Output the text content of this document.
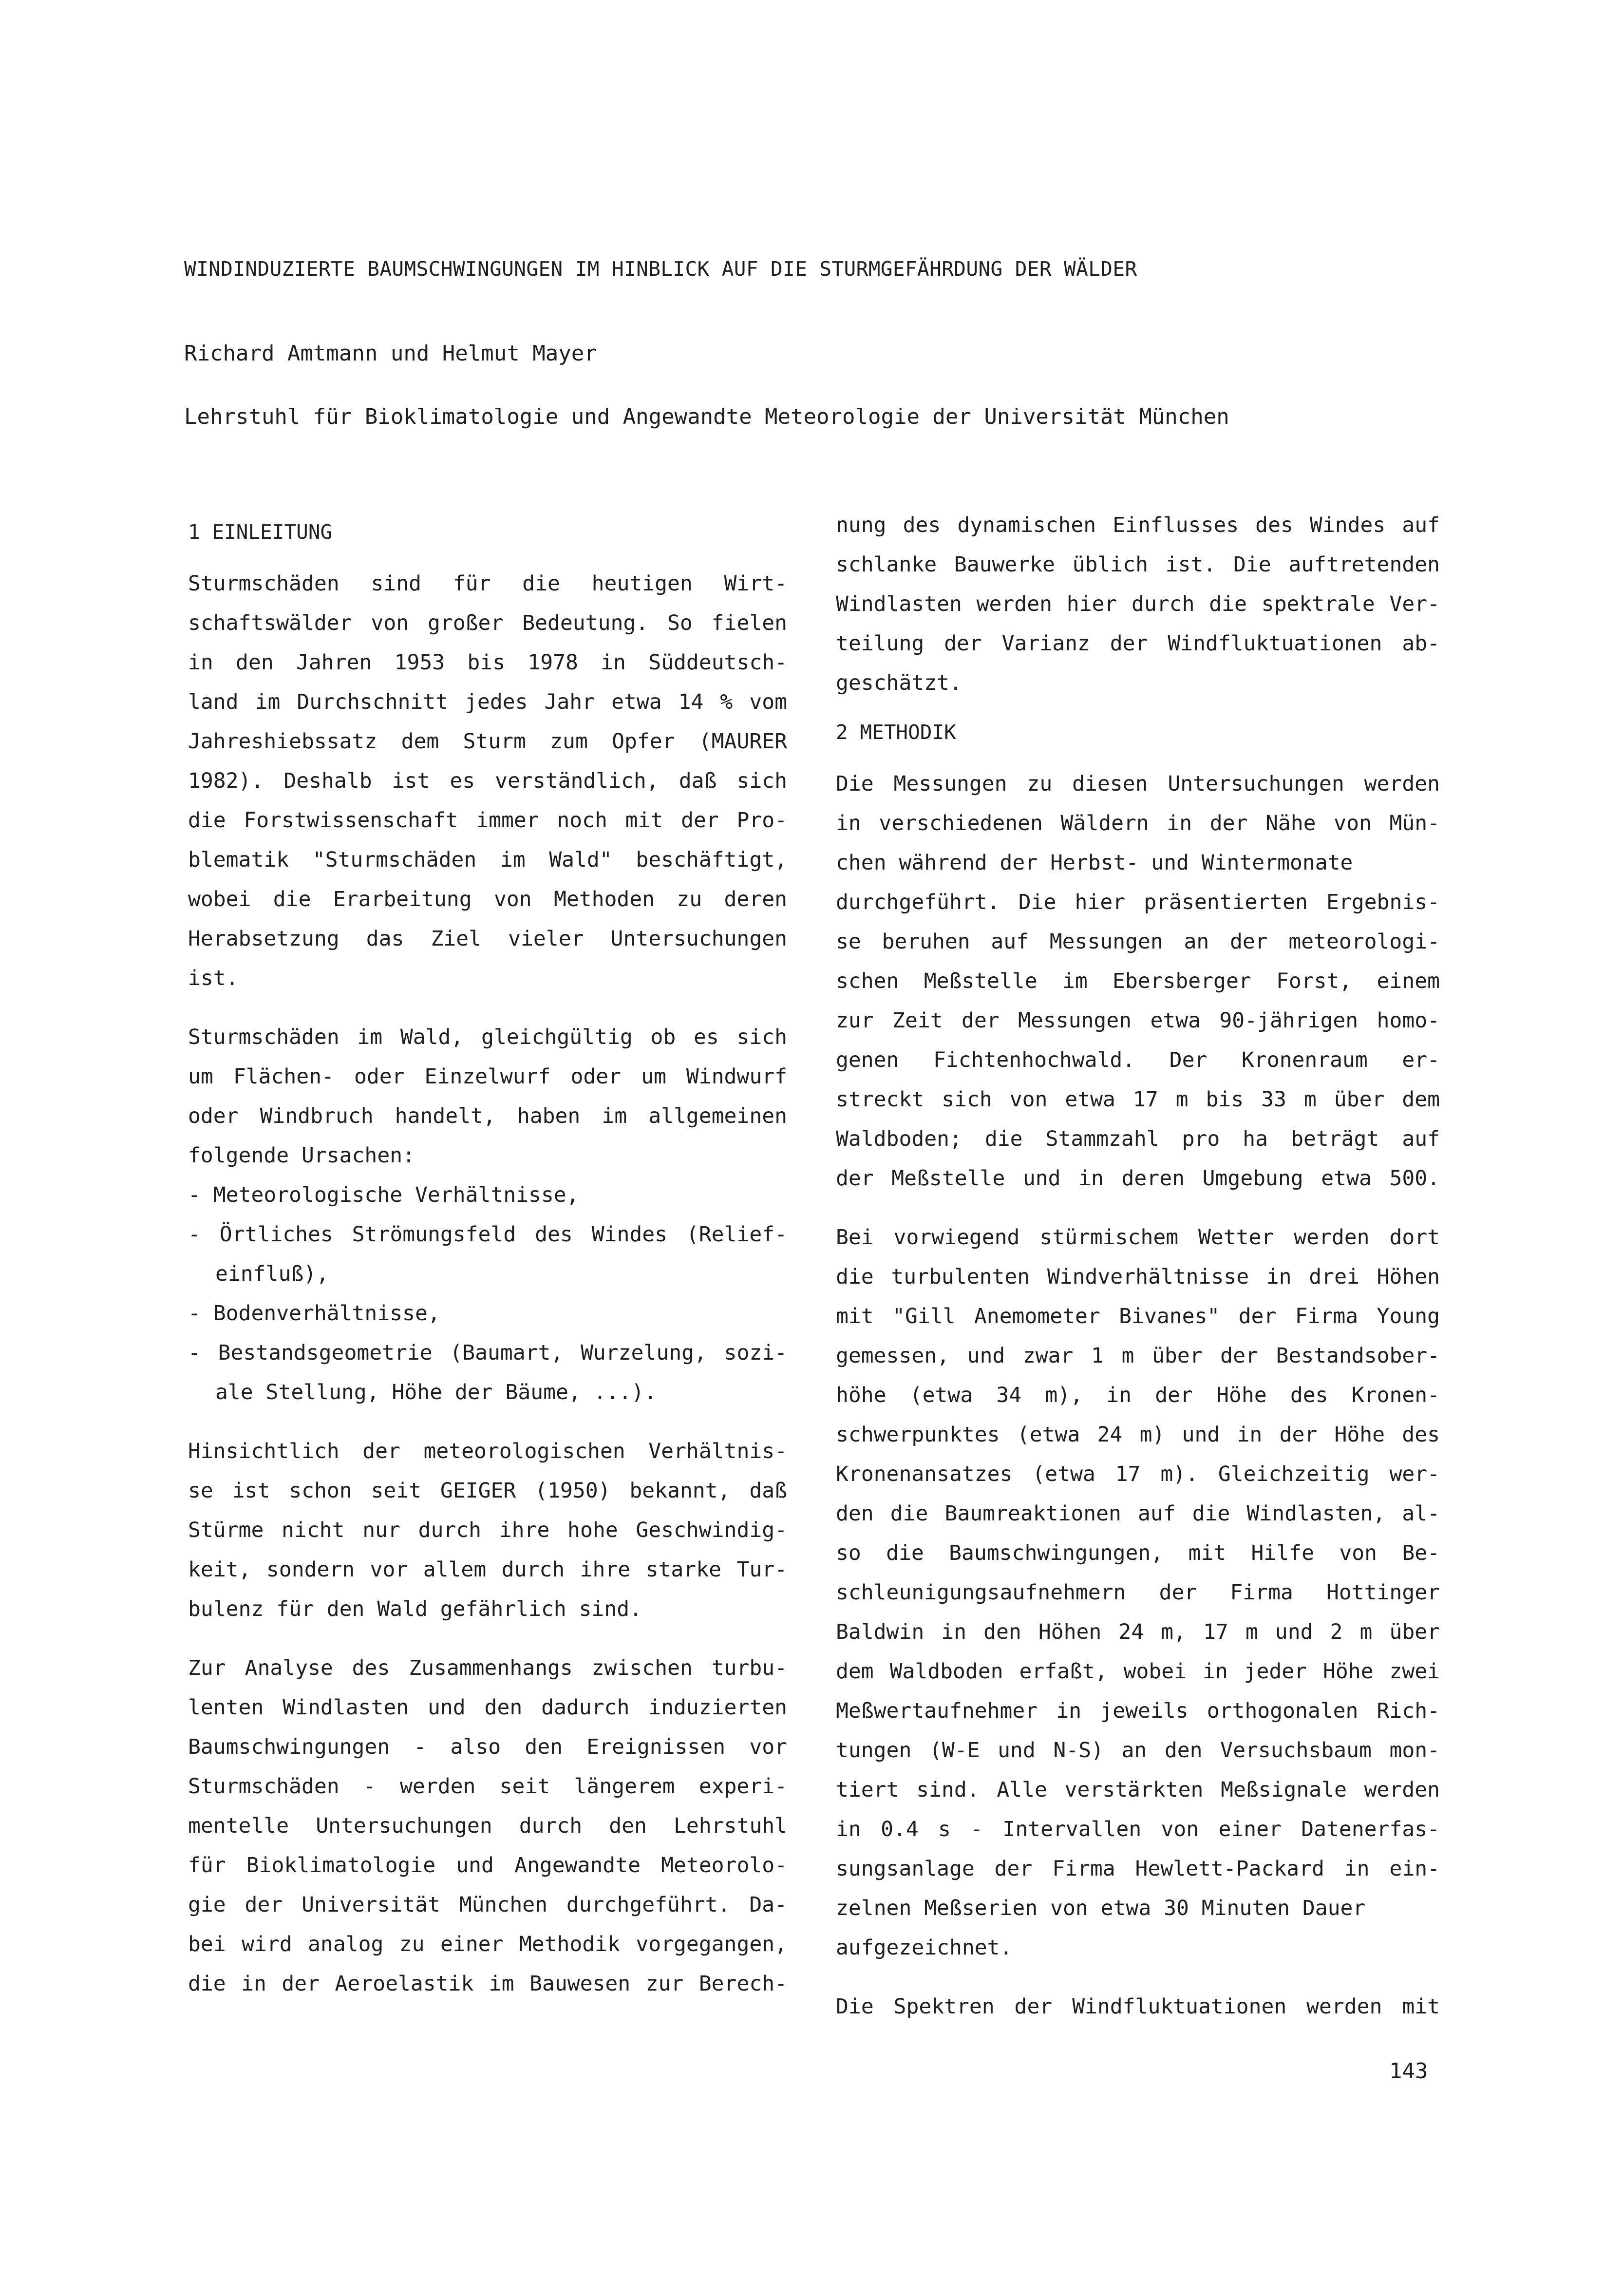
WINDINDUZIERTE BAUMSCHWINGUNGEN IM HINBLICK AUF DIE STURMGEFÄHRDUNG DER WÄLDER
Richard Amtmann und Helmut Mayer
Lehrstuhl für Bioklimatologie und Angewandte Meteorologie der Universität München
1 EINLEITUNG
Sturmschäden sind für die heutigen Wirt-
schaftswälder von großer Bedeutung. So fielen
in den Jahren 1953 bis 1978 in Süddeutsch-
land im Durchschnitt jedes Jahr etwa 14 % vom
Jahreshiebssatz dem Sturm zum Opfer (MAURER
1982). Deshalb ist es verständlich, daß sich
die Forstwissenschaft immer noch mit der Pro-
blematik "Sturmschäden im Wald" beschäftigt,
wobei die Erarbeitung von Methoden zu deren
Herabsetzung das Ziel vieler Untersuchungen
ist.
Sturmschäden im Wald, gleichgültig ob es sich
um Flächen- oder Einzelwurf oder um Windwurf
oder Windbruch handelt, haben im allgemeinen
folgende Ursachen:
- Meteorologische Verhältnisse,
- Örtliches Strömungsfeld des Windes (Relief-
einfluß),
- Bodenverhältnisse,
- Bestandsgeometrie (Baumart, Wurzelung, sozi-
ale Stellung, Höhe der Bäume, ...).
Hinsichtlich der meteorologischen Verhältnis-
se ist schon seit GEIGER (1950) bekannt, daß
Stürme nicht nur durch ihre hohe Geschwindig-
keit, sondern vor allem durch ihre starke Tur-
bulenz für den Wald gefährlich sind.
Zur Analyse des Zusammenhangs zwischen turbu-
lenten Windlasten und den dadurch induzierten
Baumschwingungen - also den Ereignissen vor
Sturmschäden - werden seit längerem experi-
mentelle Untersuchungen durch den Lehrstuhl
für Bioklimatologie und Angewandte Meteorolo-
gie der Universität München durchgeführt. Da-
bei wird analog zu einer Methodik vorgegangen,
die in der Aeroelastik im Bauwesen zur Berech-
nung des dynamischen Einflusses des Windes auf
schlanke Bauwerke üblich ist. Die auftretenden
Windlasten werden hier durch die spektrale Ver-
teilung der Varianz der Windfluktuationen ab-
geschätzt.
2 METHODIK
Die Messungen zu diesen Untersuchungen werden
in verschiedenen Wäldern in der Nähe von Mün-
chen während der Herbst- und Wintermonate
durchgeführt. Die hier präsentierten Ergebnis-
se beruhen auf Messungen an der meteorologi-
schen Meßstelle im Ebersberger Forst, einem
zur Zeit der Messungen etwa 90-jährigen homo-
genen Fichtenhochwald. Der Kronenraum er-
streckt sich von etwa 17 m bis 33 m über dem
Waldboden; die Stammzahl pro ha beträgt auf
der Meßstelle und in deren Umgebung etwa 500.
Bei vorwiegend stürmischem Wetter werden dort
die turbulenten Windverhältnisse in drei Höhen
mit "Gill Anemometer Bivanes" der Firma Young
gemessen, und zwar 1 m über der Bestandsober-
höhe (etwa 34 m), in der Höhe des Kronen-
schwerpunktes (etwa 24 m) und in der Höhe des
Kronenansatzes (etwa 17 m). Gleichzeitig wer-
den die Baumreaktionen auf die Windlasten, al-
so die Baumschwingungen, mit Hilfe von Be-
schleunigungsaufnehmern der Firma Hottinger
Baldwin in den Höhen 24 m, 17 m und 2 m über
dem Waldboden erfaßt, wobei in jeder Höhe zwei
Meßwertaufnehmer in jeweils orthogonalen Rich-
tungen (W-E und N-S) an den Versuchsbaum mon-
tiert sind. Alle verstärkten Meßsignale werden
in 0.4 s - Intervallen von einer Datenerfas-
sungsanlage der Firma Hewlett-Packard in ein-
zelnen Meßserien von etwa 30 Minuten Dauer
aufgezeichnet.
Die Spektren der Windfluktuationen werden mit
143
